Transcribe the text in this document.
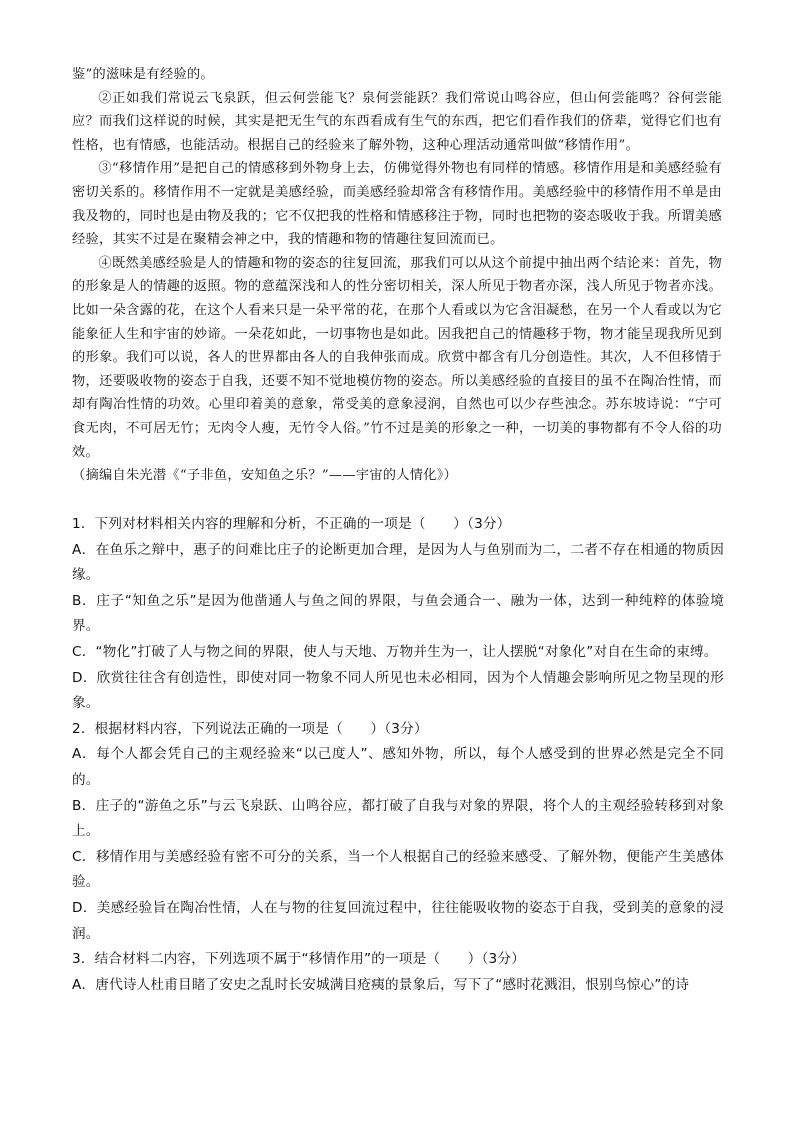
鉴”的滋味是有经验的。

②正如我们常说云飞泉跃，但云何尝能飞？泉何尝能跃？我们常说山鸣谷应，但山何尝能鸣？谷何尝能应？而我们这样说的时候，其实是把无生气的东西看成有生气的东西，把它们看作我们的侪辈，觉得它们也有性格，也有情感，也能活动。根据自己的经验来了解外物，这种心理活动通常叫做“移情作用”。

③“移情作用”是把自己的情感移到外物身上去，仿佛觉得外物也有同样的情感。移情作用是和美感经验有密切关系的。移情作用不一定就是美感经验，而美感经验却常含有移情作用。美感经验中的移情作用不单是由我及物的，同时也是由物及我的；它不仅把我的性格和情感移注于物，同时也把物的姿态吸收于我。所谓美感经验，其实不过是在聚精会神之中，我的情趣和物的情趣往复回流而已。

④既然美感经验是人的情趣和物的姿态的往复回流，那我们可以从这个前提中抽出两个结论来：首先，物的形象是人的情趣的返照。物的意蕴深浅和人的性分密切相关，深人所见于物者亦深，浅人所见于物者亦浅。比如一朵含露的花，在这个人看来只是一朵平常的花，在那个人看或以为它含泪凝愁，在另一个人看或以为它能象征人生和宇宙的妙谛。一朵花如此，一切事物也是如此。因我把自己的情趣移于物，物才能呈现我所见到的形象。我们可以说，各人的世界都由各人的自我伸张而成。欣赏中都含有几分创造性。其次，人不但移情于物，还要吸收物的姿态于自我，还要不知不觉地模仿物的姿态。所以美感经验的直接目的虽不在陶冶性情，而却有陶冶性情的功效。心里印着美的意象，常受美的意象浸润，自然也可以少存些浊念。苏东坡诗说：“宁可食无肉，不可居无竹；无肉令人瘦，无竹令人俗。”竹不过是美的形象之一种，一切美的事物都有不令人俗的功效。

（摘编自朱光潜《“子非鱼，安知鱼之乐？”——宇宙的人情化》）

1．下列对材料相关内容的理解和分析，不正确的一项是（　　）（3分）

A．在鱼乐之辩中，惠子的问难比庄子的论断更加合理，是因为人与鱼别而为二，二者不存在相通的物质因缘。

B．庄子“知鱼之乐”是因为他凿通人与鱼之间的界限，与鱼会通合一、融为一体，达到一种纯粹的体验境界。

C．“物化”打破了人与物之间的界限，使人与天地、万物并生为一，让人摆脱“对象化”对自在生命的束缚。

D．欣赏往往含有创造性，即使对同一物象不同人所见也未必相同，因为个人情趣会影响所见之物呈现的形象。

2．根据材料内容，下列说法正确的一项是（　　）（3分）

A．每个人都会凭自己的主观经验来“以己度人”、感知外物，所以，每个人感受到的世界必然是完全不同的。

B．庄子的“游鱼之乐”与云飞泉跃、山鸣谷应，都打破了自我与对象的界限，将个人的主观经验转移到对象上。

C．移情作用与美感经验有密不可分的关系，当一个人根据自己的经验来感受、了解外物，便能产生美感体验。

D．美感经验旨在陶冶性情，人在与物的往复回流过程中，往往能吸收物的姿态于自我，受到美的意象的浸润。

3．结合材料二内容，下列选项不属于“移情作用”的一项是（　　）（3分）

A．唐代诗人杜甫目睹了安史之乱时长安城满目疮痍的景象后，写下了“感时花溅泪，恨别鸟惊心”的诗
